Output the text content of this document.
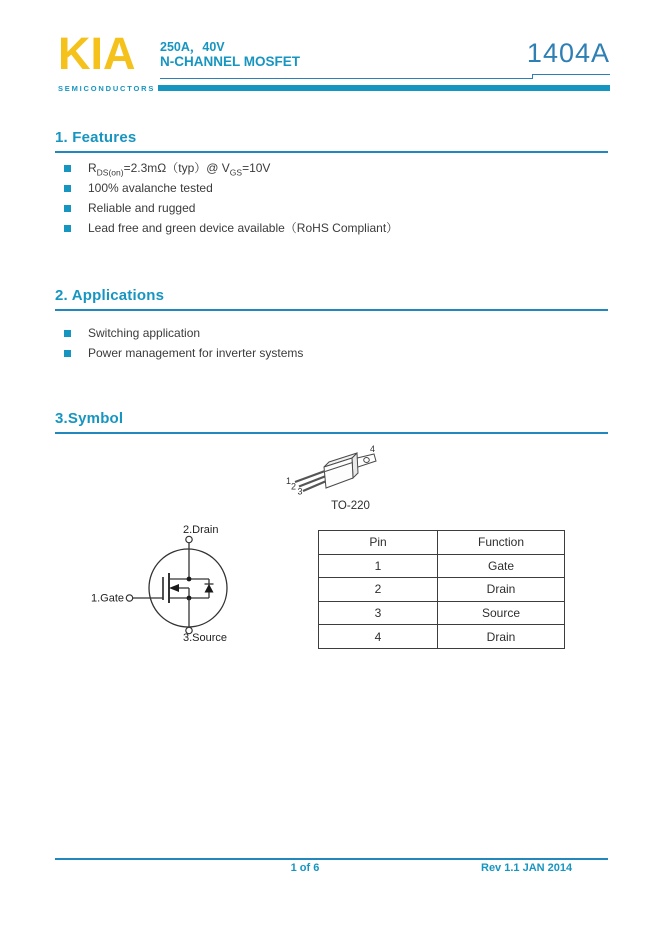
KIA
SEMICONDUCTORS
250A，40V
N-CHANNEL MOSFET	1404A
1. Features
$R_{DS(on)}=2.3m\Omega(typ)@$ $V_{GS}=10V$
100% avalanche tested
Reliable and rugged
Lead free and green device available（RoHS Compliant）
2. Applications
Switching application
Power management for inverter systems
3.Symbol
1
2 3
4
TO-220
2.Drain
1.Gate
3.Source
Pin	Function
1	Gate
2	Drain
3	Source
4	Drain
1 of 6	Rev 1.1 JAN 2014
